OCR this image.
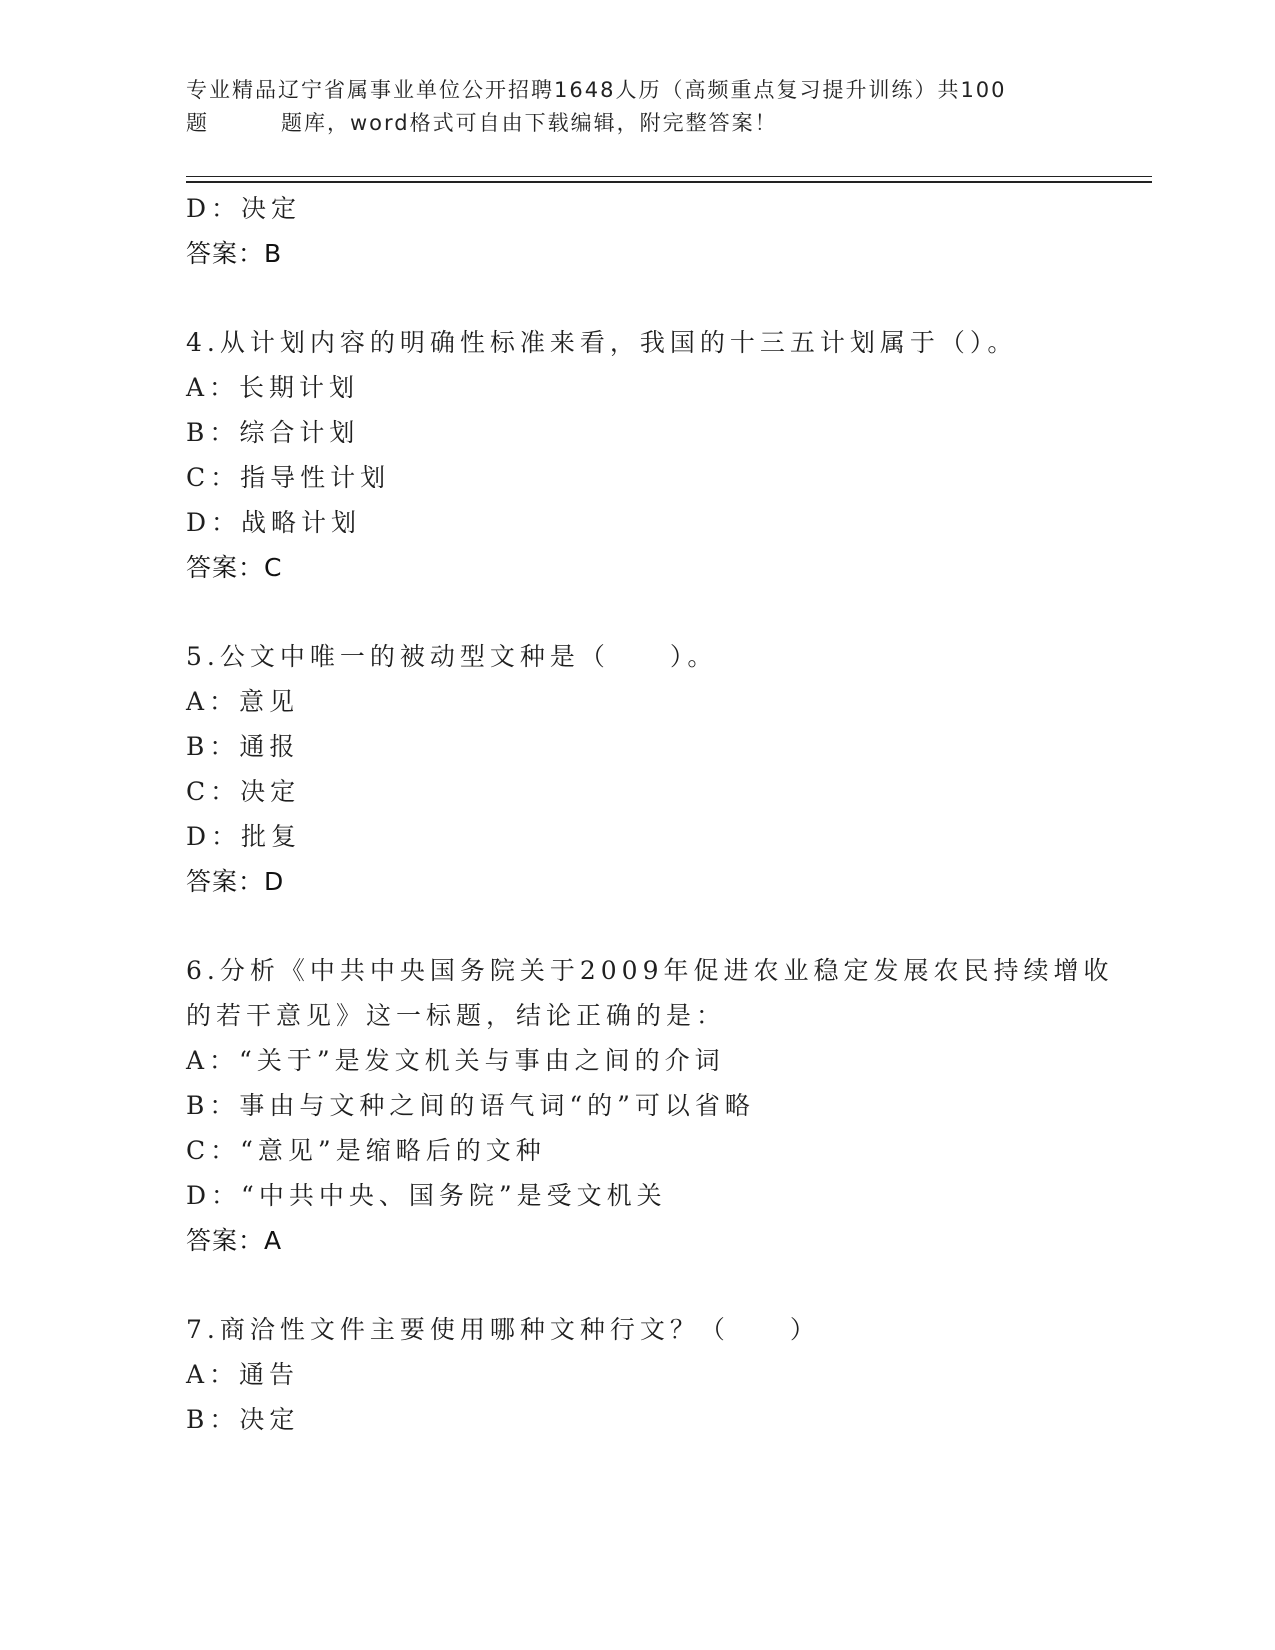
专业精品辽宁省属事业单位公开招聘1648人历（高频重点复习提升训练）共100
题	题库，word格式可自由下载编辑，附完整答案！
D：决定
答案：B
4.从计划内容的明确性标准来看，我国的十三五计划属于（）。
A：长期计划
B：综合计划
C：指导性计划
D：战略计划
答案：C
5.公文中唯一的被动型文种是（　　）。
A：意见
B：通报
C：决定
D：批复
答案：D
6.分析《中共中央国务院关于2009年促进农业稳定发展农民持续增收
的若干意见》这一标题，结论正确的是：
A：“关于”是发文机关与事由之间的介词
B：事由与文种之间的语气词“的”可以省略
C：“意见”是缩略后的文种
D：“中共中央、国务院”是受文机关
答案：A
7.商洽性文件主要使用哪种文种行文？（　　）
A：通告
B：决定
